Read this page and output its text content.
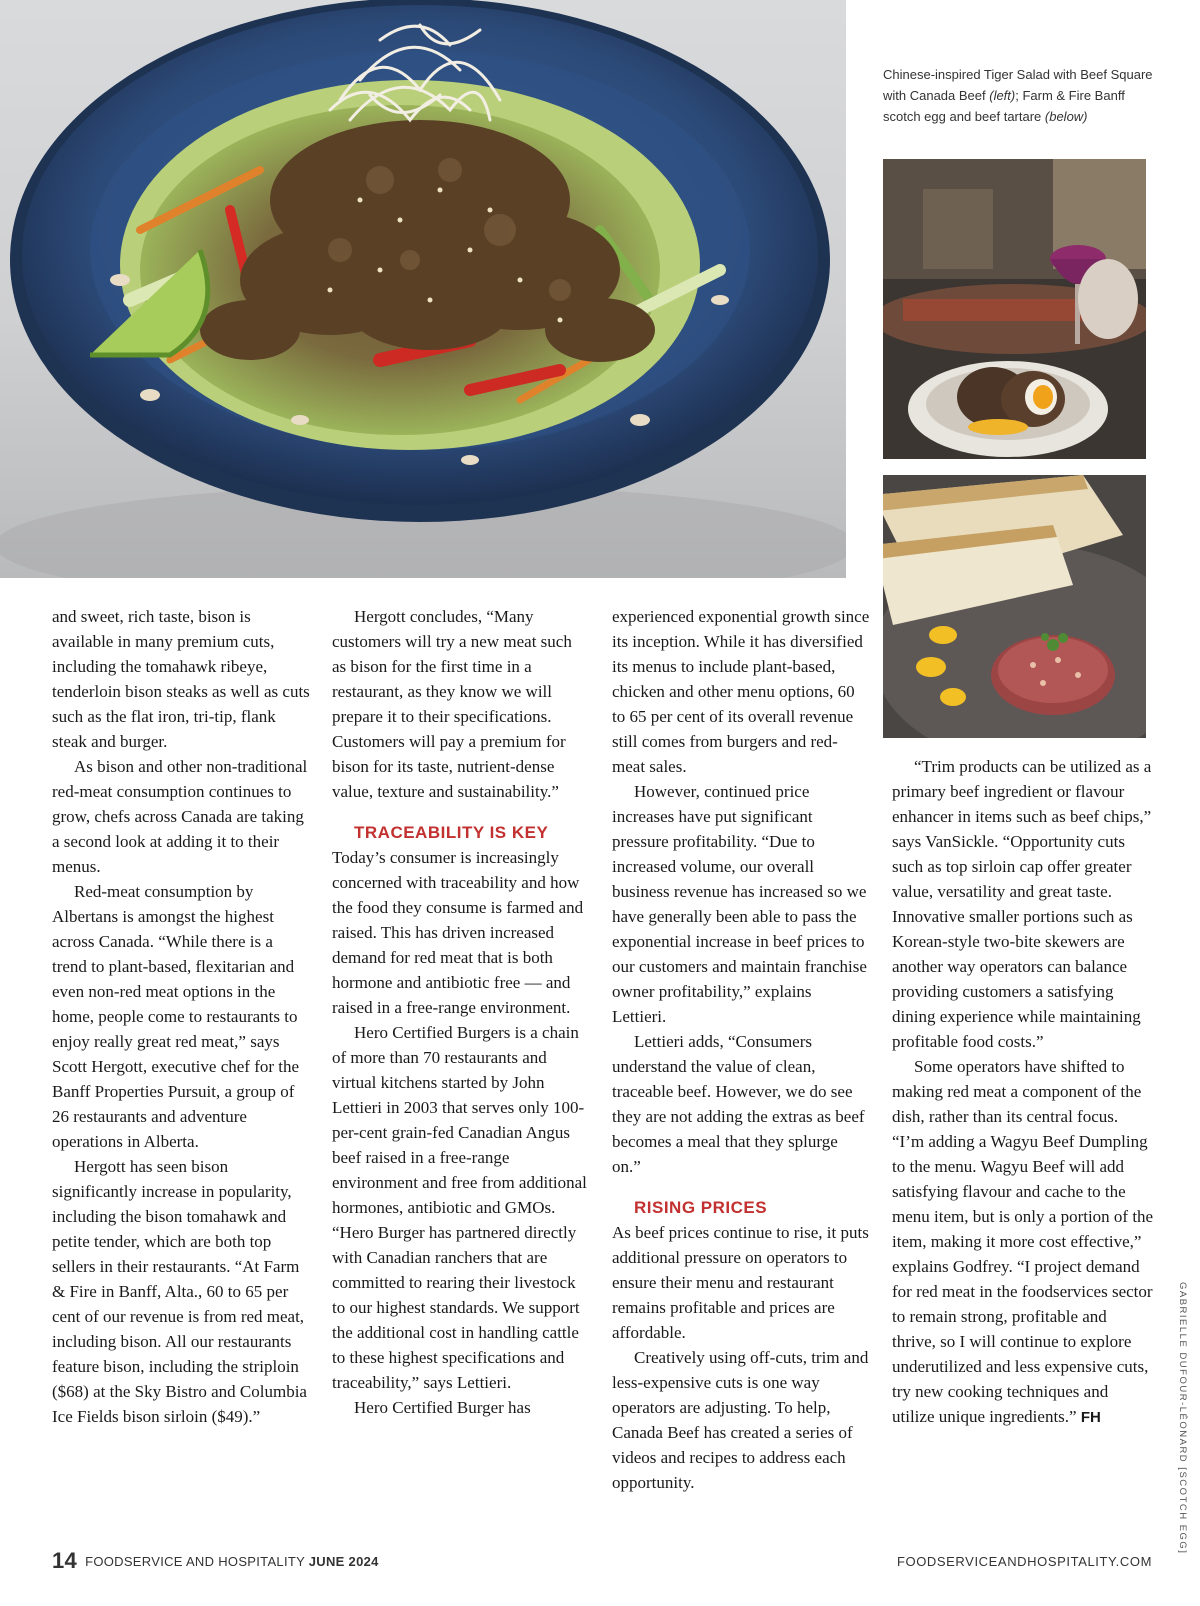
Chinese-inspired Tiger Salad with Beef Square with Canada Beef (left); Farm & Fire Banff scotch egg and beef tartare (below)

and sweet, rich taste, bison is available in many premium cuts, including the tomahawk ribeye, tenderloin bison steaks as well as cuts such as the flat iron, tri-tip, flank steak and burger.

As bison and other non-traditional red-meat consumption continues to grow, chefs across Canada are taking a second look at adding it to their menus.

Red-meat consumption by Albertans is amongst the highest across Canada. “While there is a trend to plant-based, flexitarian and even non-red meat options in the home, people come to restaurants to enjoy really great red meat,” says Scott Hergott, executive chef for the Banff Properties Pursuit, a group of 26 restaurants and adventure operations in Alberta.

Hergott has seen bison significantly increase in popularity, including the bison tomahawk and petite tender, which are both top sellers in their restaurants. “At Farm & Fire in Banff, Alta., 60 to 65 per cent of our revenue is from red meat, including bison. All our restaurants feature bison, including the striploin ($68) at the Sky Bistro and Columbia Ice Fields bison sirloin ($49).”

Hergott concludes, “Many customers will try a new meat such as bison for the first time in a restaurant, as they know we will prepare it to their specifications. Customers will pay a premium for bison for its taste, nutrient-dense value, texture and sustainability.”

TRACEABILITY IS KEY

Today’s consumer is increasingly concerned with traceability and how the food they consume is farmed and raised. This has driven increased demand for red meat that is both hormone and antibiotic free — and raised in a free-range environment.

Hero Certified Burgers is a chain of more than 70 restaurants and virtual kitchens started by John Lettieri in 2003 that serves only 100-per-cent grain-fed Canadian Angus beef raised in a free-range environment and free from additional hormones, antibiotic and GMOs. “Hero Burger has partnered directly with Canadian ranchers that are committed to rearing their livestock to our highest standards. We support the additional cost in handling cattle to these highest specifications and traceability,” says Lettieri.

Hero Certified Burger has

experienced exponential growth since its inception. While it has diversified its menus to include plant-based, chicken and other menu options, 60 to 65 per cent of its overall revenue still comes from burgers and red-meat sales.

However, continued price increases have put significant pressure profitability. “Due to increased volume, our overall business revenue has increased so we have generally been able to pass the exponential increase in beef prices to our customers and maintain franchise owner profitability,” explains Lettieri.

Lettieri adds, “Consumers understand the value of clean, traceable beef. However, we do see they are not adding the extras as beef becomes a meal that they splurge on.”

RISING PRICES

As beef prices continue to rise, it puts additional pressure on operators to ensure their menu and restaurant remains profitable and prices are affordable.

Creatively using off-cuts, trim and less-expensive cuts is one way operators are adjusting. To help, Canada Beef has created a series of videos and recipes to address each opportunity.

“Trim products can be utilized as a primary beef ingredient or flavour enhancer in items such as beef chips,” says VanSickle. “Opportunity cuts such as top sirloin cap offer greater value, versatility and great taste. Innovative smaller portions such as Korean-style two-bite skewers are another way operators can balance providing customers a satisfying dining experience while maintaining profitable food costs.”

Some operators have shifted to making red meat a component of the dish, rather than its central focus. “I’m adding a Wagyu Beef Dumpling to the menu. Wagyu Beef will add satisfying flavour and cache to the menu item, but is only a portion of the item, making it more cost effective,” explains Godfrey. “I project demand for red meat in the foodservices sector to remain strong, profitable and thrive, so I will continue to explore underutilized and less expensive cuts, try new cooking techniques and utilize unique ingredients.” FH	GABRIELLE DUFOUR-LÉONARD [SCOTCH EGG]
14 FOODSERVICE AND HOSPITALITY JUNE 2024	FOODSERVICEANDHOSPITALITY.COM
